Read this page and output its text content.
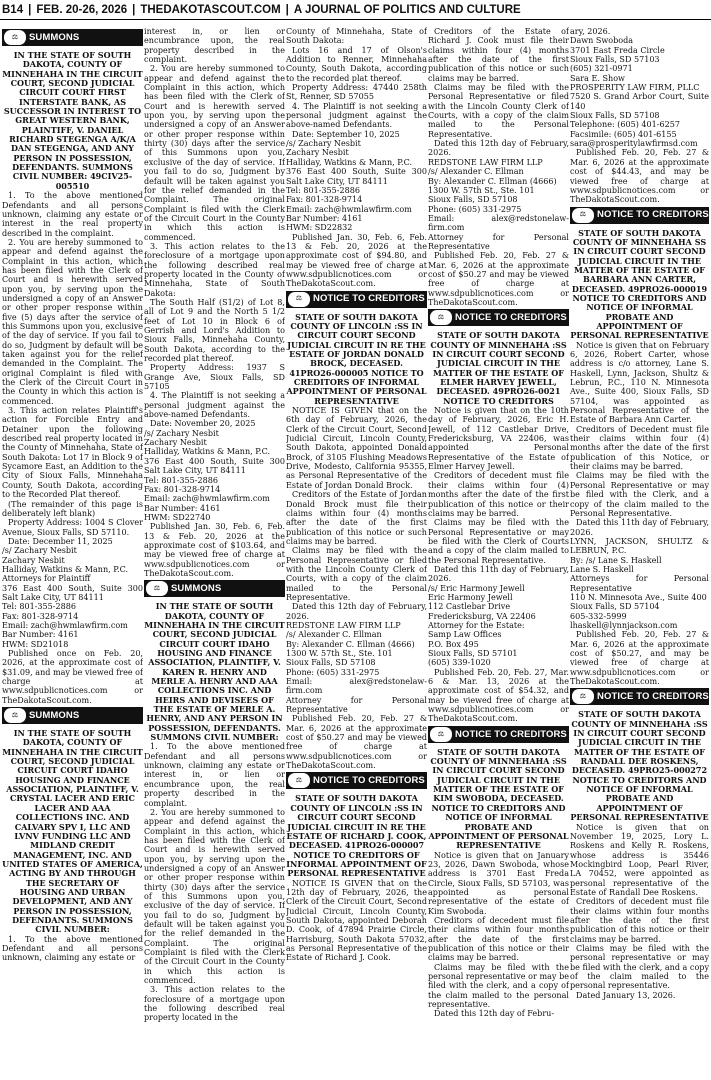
B14 | FEB. 20-26, 2026 | THEDAKOTASCOUT.COM | A JOURNAL OF POLITICS AND CULTURE
⚖	SUMMONS

IN THE STATE OF SOUTH DAKOTA, COUNTY OF MINNEHAHA IN THE CIRCUIT COURT, SECOND JUDICIAL CIRCUIT COURT FIRST INTERSTATE BANK, AS SUCCESSOR IN INTEREST TO GREAT WESTERN BANK, PLAINTIFF, V. DANIEL RICHARD STEGENGA A/K/A DAN STEGENGA, AND ANY PERSON IN POSSESSION, DEFENDANTS. SUMMONS CIVIL NUMBER: 49CIV25-005510

1. To the above mentioned Defendants and all persons unknown, claiming any estate or interest in the real property described in the complaint.

2. You are hereby summoned to appear and defend against the Complaint in this action, which has been filed with the Clerk of Court and is herewith served upon you, by serving upon the undersigned a copy of an Answer or other proper response within five (5) days after the service of this Summons upon you, exclusive of the day of service. If you fail to do so, Judgment by default will be taken against you for the relief demanded in the Complaint. The original Complaint is filed with the Clerk of the Circuit Court in the County in which this action is commenced.

3. This action relates Plaintiff's action for Forcible Entry and Detainer upon the following described real property located in the County of Minnehaha, State of South Dakota: Lot 17 in Block 9 of Sycamore East, an Addition to the City of Sioux Falls, Minnehaha County, South Dakota, according to the Recorded Plat thereof.

(The remainder of this page is deliberately left blank)

Property Address: 1004 S Clover Avenue, Sioux Falls, SD 57110.

Date: December 11, 2025

/s/ Zachary Nesbit

Zachary Nesbit

Halliday, Watkins & Mann, P.C.

Attorneys for Plaintiff

376 East 400 South, Suite 300 Salt Lake City, UT 84111

Tel: 801-355-2886

Fax: 801-328-9714

Email: zach@hwmlawfirm.com

Bar Number: 4161

HWM: SD21018

Published once on Feb. 20, 2026, at the approximate cost of $31.09, and may be viewed free of charge at www.sdpublicnotices.com or TheDakotaScout.com.

⚖	SUMMONS

IN THE STATE OF SOUTH DAKOTA, COUNTY OF MINNEHAHA IN THE CIRCUIT COURT, SECOND JUDICIAL CIRCUIT COURT IDAHO HOUSING AND FINANCE ASSOCIATION, PLAINTIFF, V. CRYSTAL LACER AND ERIC LACER AND AAA COLLECTIONS INC. AND CALVARY SPV I, LLC AND LVNV FUNDING LLC AND MIDLAND CREDIT MANAGEMENT, INC. AND UNITED STATES OF AMERICA, ACTING BY AND THROUGH THE SECRETARY OF HOUSING AND URBAN DEVELOPMENT, AND ANY PERSON IN POSSESSION, DEFENDANTS. SUMMONS CIVIL NUMBER:

1. To the above mentioned Defendant and all persons unknown, claiming any estate or

interest in, or lien or encumbrance upon, the real property described in the complaint.

2. You are hereby summoned to appear and defend against the Complaint in this action, which has been filed with the Clerk of Court and is herewith served upon you, by serving upon the undersigned a copy of an Answer or other proper response within thirty (30) days after the service of this Summons upon you, exclusive of the day of service. If you fail to do so, Judgment by default will be taken against you for the relief demanded in the Complaint. The original Complaint is filed with the Clerk of the Circuit Court in the County in which this action is commenced.

3. This action relates to the foreclosure of a mortgage upon the following described real property located in the County of Minnehaha, State of South Dakota:

The South Half (S1/2) of Lot 8, all of Lot 9 and the North 5 1/2 feet of Lot 10 in Block 6 of Gerrish and Lord's Addition to Sioux Falls, Minnehaha County, South Dakota, according to the recorded plat thereof.

Property Address: 1937 S Grange Ave, Sioux Falls, SD 57105

4. The Plaintiff is not seeking a personal judgment against the above-named Defendants.

Date: November 20, 2025

/s/ Zachary Nesbit

Zachary Nesbit

Halliday, Watkins & Mann, P.C.

376 East 400 South, Suite 300 Salt Lake City, UT 84111

Tel: 801-355-2886

Fax: 801-328-9714

Email: zach@hwmlawfirm.com

Bar Number: 4161

HWM: SD22740

Published Jan. 30, Feb. 6, Feb. 13 & Feb. 20, 2026 at the approximate cost of $103.64, and may be viewed free of charge at www.sdpublicnotices.com or TheDakotaScout.com.

⚖	SUMMONS

IN THE STATE OF SOUTH DAKOTA, COUNTY OF MINNEHAHA IN THE CIRCUIT COURT, SECOND JUDICIAL CIRCUIT COURT IDAHO HOUSING AND FINANCE ASSOCIATION, PLAINTIFF, V. KAREN R. HENRY AND MERLE A. HENRY AND AAA COLLECTIONS INC. AND HEIRS AND DEVISEES OF THE ESTATE OF MERLE A. HENRY, AND ANY PERSON IN POSSESSION, DEFENDANTS. SUMMONS CIVIL NUMBER:

1. To the above mentioned Defendant and all persons unknown, claiming any estate or interest in, or lien or encumbrance upon, the real property described in the complaint.

2. You are hereby summoned to appear and defend against the Complaint in this action, which has been filed with the Clerk of Court and is herewith served upon you, by serving upon the undersigned a copy of an Answer or other proper response within thirty (30) days after the service of this Summons upon you, exclusive of the day of service. If you fail to do so, Judgment by default will be taken against you for the relief demanded in the Complaint. The original Complaint is filed with the Clerk of the Circuit Court in the County in which this action is commenced.

3. This action relates to the foreclosure of a mortgage upon the following described real property located in the

County of Minnehaha, State of South Dakota:

Lots 16 and 17 of Olson's Addition to Renner, Minnehaha County, South Dakota, according to the recorded plat thereof.

Property Address: 47440 258th St, Renner, SD 57055

4. The Plaintiff is not seeking a personal judgment against the above-named Defendants.

Date: September 10, 2025

/s/ Zachary Nesbit

Zachary Nesbit

Halliday, Watkins & Mann, P.C.

376 East 400 South, Suite 300 Salt Lake City, UT 84111

Tel: 801-355-2886

Fax: 801-328-9714

Email: zach@hwmlawfirm.com

Bar Number: 4161

HWM: SD22832

Published Jan. 30, Feb. 6, Feb. 13 & Feb. 20, 2026 at the approximate cost of $94.80, and may be viewed free of charge at www.sdpublicnotices.com or TheDakotaScout.com.

⚖	NOTICE TO CREDITORS

STATE OF SOUTH DAKOTA COUNTY OF LINCOLN :SS IN CIRCUIT COURT SECOND JUDICIAL CIRCUIT IN RE THE ESTATE OF JORDAN DONALD BROCK, DECEASED. 41PRO26-000005 NOTICE TO CREDITORS OF INFORMAL APPOINTMENT OF PERSONAL REPRESENTATIVE

NOTICE IS GIVEN that on the 6th day of February, 2026, the Clerk of the Circuit Court, Second Judicial Circuit, Lincoln County, South Dakota, appointed Donald Brock, of 3105 Flushing Meadows Drive, Modesto, California 95355, as Personal Representative of the Estate of Jordan Donald Brock.

Creditors of the Estate of Jordan Donald Brock must file their claims within four (4) months after the date of the first publication of this notice or such claims may be barred.

Claims may be filed with the Personal Representative or filed with the Lincoln County Clerk of Courts, with a copy of the claim mailed to the Personal Representative.

Dated this 12th day of February, 2026.

REDSTONE LAW FIRM LLP

/s/ Alexander C. Ellman

By: Alexander C. Ellman (4666)

1300 W. 57th St., Ste. 101

Sioux Falls, SD 57108

Phone: (605) 331-2975

Email: alex@redstonelaw-firm.com

Attorney for Personal Representative

Published Feb. 20, Feb. 27 & Mar. 6, 2026 at the approximate cost of $50.27 and may be viewed free of charge at www.sdpublicnotices.com or TheDakotaScout.com.

⚖	NOTICE TO CREDITORS

STATE OF SOUTH DAKOTA COUNTY OF LINCOLN :SS IN CIRCUIT COURT SECOND JUDICIAL CIRCUIT IN RE THE ESTATE OF RICHARD J. COOK, DECEASED. 41PRO26-000007 NOTICE TO CREDITORS OF INFORMAL APPOINTMENT OF PERSONAL REPRESENTATIVE

NOTICE IS GIVEN that on the 12th day of February, 2026, the Clerk of the Circuit Court, Second Judicial Circuit, Lincoln County, South Dakota, appointed Deborah D. Cook, of 47894 Prairie Circle, Harrisburg, South Dakota 57032, as Personal Representative of the Estate of Richard J. Cook.

Creditors of the Estate of Richard J. Cook must file their claims within four (4) months after the date of the first publication of this notice or such claims may be barred.

Claims may be filed with the Personal Representative or filed with the Lincoln County Clerk of Courts, with a copy of the claim mailed to the Personal Representative.

Dated this 12th day of February, 2026.

REDSTONE LAW FIRM LLP

/s/ Alexander C. Ellman

By: Alexander C. Ellman (4666)

1300 W. 57th St., Ste. 101

Sioux Falls, SD 57108

Phone: (605) 331-2975

Email: alex@redstonelaw-firm.com

Attorney for Personal Representative

Published Feb. 20, Feb. 27 & Mar. 6, 2026 at the approximate cost of $50.27 and may be viewed free of charge at www.sdpublicnotices.com or TheDakotaScout.com.

⚖	NOTICE TO CREDITORS

STATE OF SOUTH DAKOTA COUNTY OF MINNEHAHA :SS IN CIRCUIT COURT SECOND JUDICIAL CIRCUIT IN THE MATTER OF THE ESTATE OF ELMER HARVEY JEWELL, DECEASED. 49PRO26-0021 NOTICE TO CREDITORS

Notice is given that on the 10th day of February, 2026, Eric H. Jewell, of 112 Castlebar Drive, Fredericksburg, VA 22406, was appointed Personal Representative of the Estate of Elmer Harvey Jewell.

Creditors of decedent must file their claims within four (4) months after the date of the first publication of this notice or their claims may be barred.

Claims may be filed with the Personal Representative or may be filed with the Clerk of Courts and a copy of the claim mailed to the Personal Representative.

Dated this 11th day of February, 2026.

/s/ Eric Harmony Jewell

Eric Harmony Jewell

112 Castlebar Drive

Fredericksburg, VA 22406

Attorney for the Estate:

Samp Law Offices

P.O. Box 495

Sioux Falls, SD 57101

(605) 339-1020

Published Feb. 20, Feb. 27, Mar. 6 & Mar. 13, 2026 at the approximate cost of $54.32, and may be viewed free of charge at www.sdpublicnotices.com or TheDakotaScout.com.

⚖	NOTICE TO CREDITORS

STATE OF SOUTH DAKOTA COUNTY OF MINNEHAHA :SS IN CIRCUIT COURT SECOND JUDICIAL CIRCUIT IN THE MATTER OF THE ESTATE OF KIM SWOBODA, DECEASED. NOTICE TO CREDITORS AND NOTICE OF INFORMAL PROBATE AND APPOINTMENT OF PERSONAL REPRESENTATIVE

Notice is given that on January 23, 2026, Dawn Swoboda, whose address is 3701 East Freda Circle, Sioux Falls, SD 57103, was appointed as personal representative of the estate of Kim Swoboda.

Creditors of decedent must file their claims within four months after the date of the first publication of this notice or their claims may be barred.

Claims may be filed with the personal representative or may be filed with the clerk, and a copy of the claim mailed to the personal representative.

Dated this 12th day of Febru-

ary, 2026.

Dawn Swoboda

3701 East Freda Circle

Sioux Falls, SD 57103

(605) 321-0971

Sara E. Show

PROSPERITY LAW FIRM, PLLC

7520 S. Grand Arbor Court, Suite 140

Sioux Falls, SD 57108

Telephone: (605) 401-6257

Facsimile: (605) 401-6155

sara@prosperitylawfirmsd.com

Published Feb. 20, Feb. 27 & Mar. 6, 2026 at the approximate cost of $44.43, and may be viewed free of charge at www.sdpublicnotices.com or TheDakotaScout.com.

⚖	NOTICE TO CREDITORS

STATE OF SOUTH DAKOTA COUNTY OF MINNEHAHA SS IN CIRCUIT COURT SECOND JUDICIAL CIRCUIT IN THE MATTER OF THE ESTATE OF BARBARA ANN CARTER, DECEASED. 49PRO26-000019 NOTICE TO CREDITORS AND NOTICE OF INFORMAL PROBATE AND APPOINTMENT OF PERSONAL REPRESENTATIVE

Notice is given that on February 6, 2026, Robert Carter, whose address is c/o attorney, Lane S. Haskell, Lynn, Jackson, Shultz & Lebrun, P.C., 110 N. Minnesota Ave., Suite 400, Sioux Falls, SD 57104, was appointed as Personal Representative of the Estate of Barbara Ann Carter.

Creditors of Decedent must file their claims within four (4) months after the date of the first publication of this Notice, or their claims may be barred.

Claims may be filed with the Personal Representative or may be filed with the Clerk, and a copy of the claim mailed to the Personal Representative.

Dated this 11th day of February, 2026.

LYNN, JACKSON, SHULTZ & LEBRUN, P.C.

By: /s/ Lane S. Haskell

Lane S. Haskell

Attorneys for Personal Representative

110 N. Minnesota Ave., Suite 400

Sioux Falls, SD 57104

605-332-5999

lhaskell@lynnjackson.com

Published Feb. 20, Feb. 27 & Mar. 6, 2026 at the approximate cost of $50.27, and may be viewed free of charge at www.sdpublicnotices.com or TheDakotaScout.com.

⚖	NOTICE TO CREDITORS

STATE OF SOUTH DAKOTA COUNTY OF MINNEHAHA :SS IN CIRCUIT COURT SECOND JUDICIAL CIRCUIT IN THE MATTER OF THE ESTATE OF RANDALL DEE ROSKENS, DECEASED. 49PRO25-000272 NOTICE TO CREDITORS AND NOTICE OF INFORMAL PROBATE AND APPOINTMENT OF PERSONAL REPRESENTATIVE

Notice is given that on November 19, 2025, Lory L. Roskens and Kelly R. Roskens, whose address is 35446 Mockingbird Loop, Pearl River, LA 70452, were appointed as personal representative of the Estate of Randall Dee Roskens.

Creditors of decedent must file their claims within four months after the date of the first publication of this notice or their claims may be barred.

Claims may be filed with the personal representative or may be filed with the clerk, and a copy of the claim mailed to the personal representative.

Dated January 13, 2026.
